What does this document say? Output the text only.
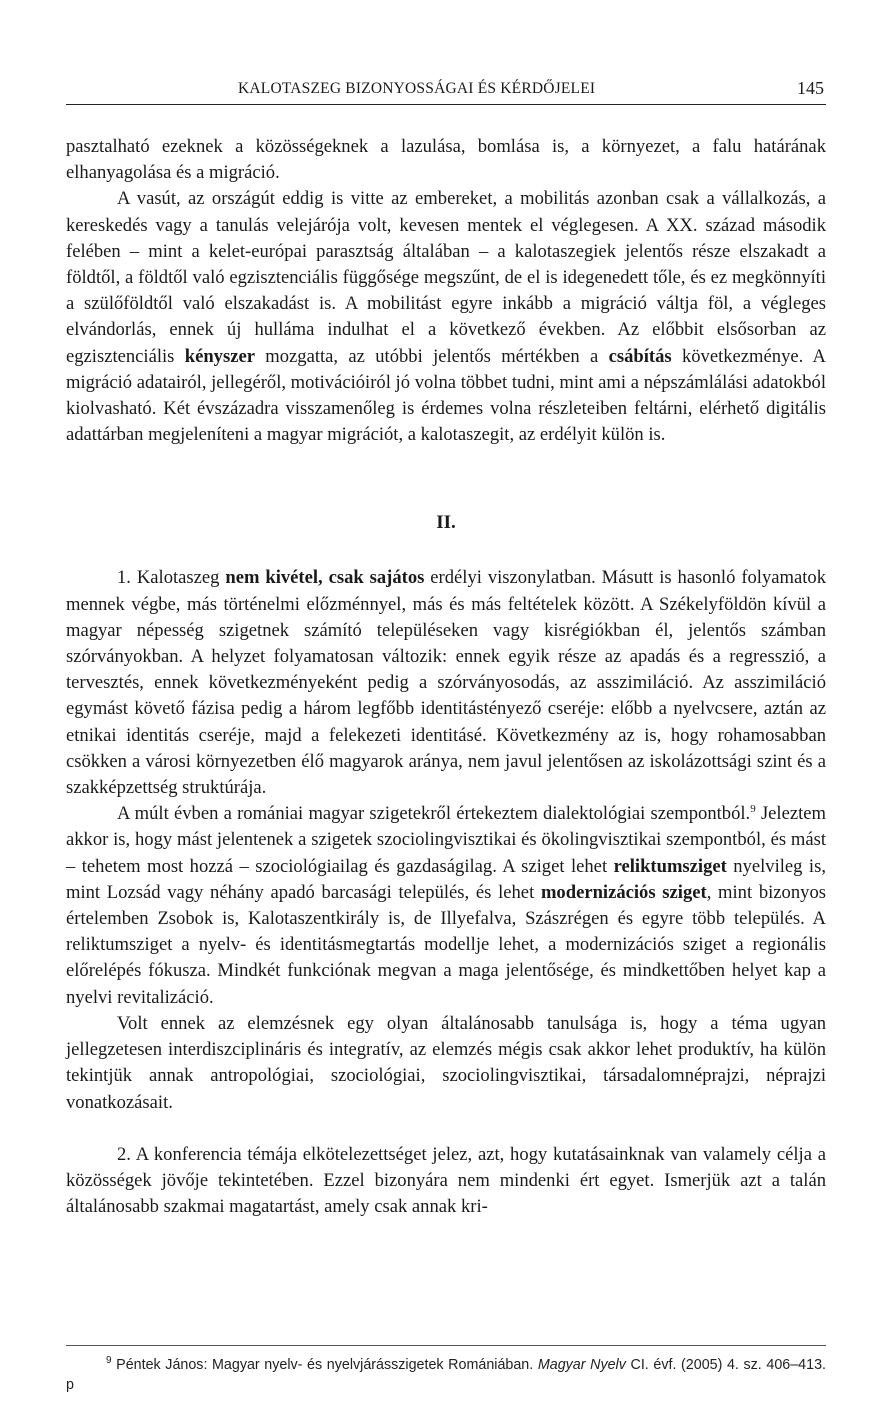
KALOTASZEG BIZONYOSSÁGAI ÉS KÉRDŐJELEI	145

pasztalható ezeknek a közösségeknek a lazulása, bomlása is, a környezet, a falu határának elhanyagolása és a migráció.

A vasút, az országút eddig is vitte az embereket, a mobilitás azonban csak a vállalkozás, a kereskedés vagy a tanulás velejárója volt, kevesen mentek el véglegesen. A XX. század második felében – mint a kelet-európai parasztság általában – a kalotaszegiek jelentős része elszakadt a földtől, a földtől való egzisztenciális függősége megszűnt, de el is idegenedett tőle, és ez megkönnyíti a szülőföldtől való elszakadást is. A mobilitást egyre inkább a migráció váltja föl, a végleges elvándorlás, ennek új hulláma indulhat el a következő években. Az előbbit elsősorban az egzisztenciális kényszer mozgatta, az utóbbi jelentős mértékben a csábítás következménye. A migráció adatairól, jellegéről, motivációiról jó volna többet tudni, mint ami a népszámlálási adatokból kiolvasható. Két évszázadra visszamenőleg is érdemes volna részleteiben feltárni, elérhető digitális adattárban megjeleníteni a magyar migrációt, a kalotaszegit, az erdélyit külön is.

II.

1. Kalotaszeg nem kivétel, csak sajátos erdélyi viszonylatban. Másutt is hasonló folyamatok mennek végbe, más történelmi előzménnyel, más és más feltételek között. A Székelyföldön kívül a magyar népesség szigetnek számító településeken vagy kisrégiókban él, jelentős számban szórványokban. A helyzet folyamatosan változik: ennek egyik része az apadás és a regresszió, a tervesztés, ennek következményeként pedig a szórványosodás, az asszimiláció. Az asszimiláció egymást követő fázisa pedig a három legfőbb identitástényező cseréje: előbb a nyelvcsere, aztán az etnikai identitás cseréje, majd a felekezeti identitásé. Következmény az is, hogy rohamosabban csökken a városi környezetben élő magyarok aránya, nem javul jelentősen az iskolázottsági szint és a szakképzettség struktúrája.

A múlt évben a romániai magyar szigetekről értekeztem dialektológiai szempontból.$^9$ Jeleztem akkor is, hogy mást jelentenek a szigetek szociolingvisztikai és ökolingvisztikai szempontból, és mást – tehetem most hozzá – szociológiailag és gazdaságilag. A sziget lehet reliktumsziget nyelvileg is, mint Lozsád vagy néhány apadó barcasági település, és lehet modernizációs sziget, mint bizonyos értelemben Zsobok is, Kalotaszentkirály is, de Illyefalva, Szászrégen és egyre több település. A reliktumsziget a nyelv- és identitásmegtartás modellje lehet, a modernizációs sziget a regionális előrelépés fókusza. Mindkét funkciónak megvan a maga jelentősége, és mindkettőben helyet kap a nyelvi revitalizáció.

Volt ennek az elemzésnek egy olyan általánosabb tanulsága is, hogy a téma ugyan jellegzetesen interdiszciplináris és integratív, az elemzés mégis csak akkor lehet produktív, ha külön tekintjük annak antropológiai, szociológiai, szociolingvisztikai, társadalomnéprajzi, néprajzi vonatkozásait.

2. A konferencia témája elkötelezettséget jelez, azt, hogy kutatásainknak van valamely célja a közösségek jövője tekintetében. Ezzel bizonyára nem mindenki ért egyet. Ismerjük azt a talán általánosabb szakmai magatartást, amely csak annak kri-

$^9$ Péntek János: Magyar nyelv- és nyelvjárásszigetek Romániában. Magyar Nyelv CI. évf. (2005) 4. sz. 406–413. p
